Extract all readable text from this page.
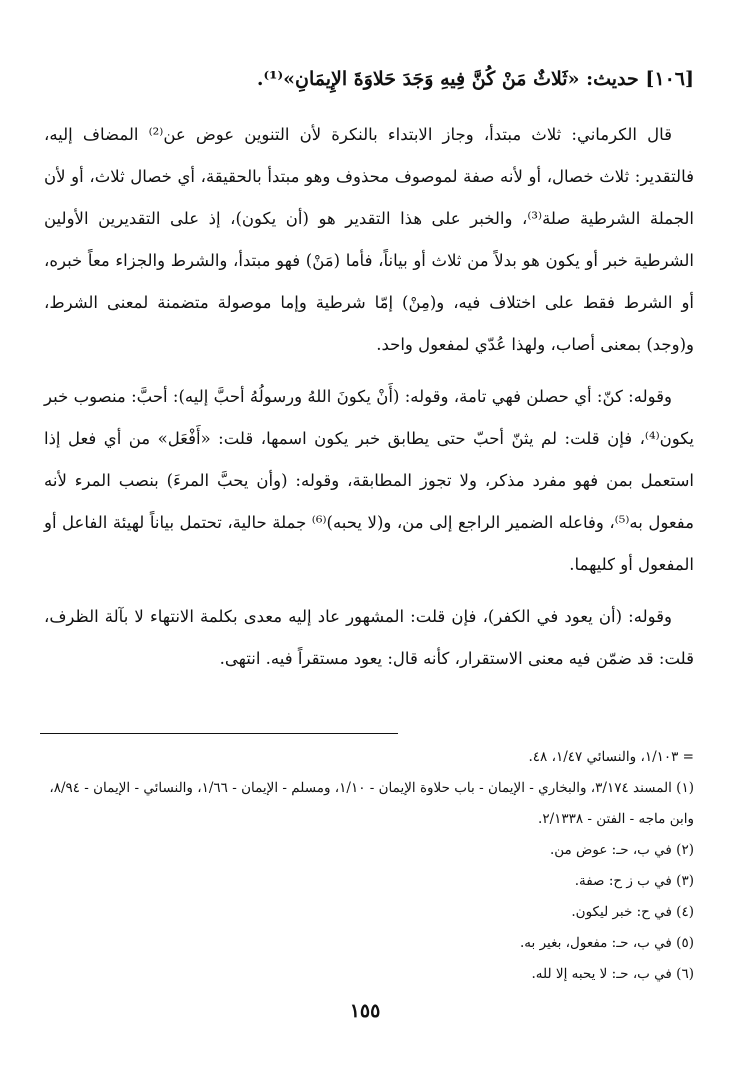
[١٠٦] حديث: «ثَلاثٌ مَنْ كُنَّ فِيهِ وَجَدَ حَلاوَةَ الإِيمَانِ»⁽¹⁾.

قال الكرماني: ثلاث مبتدأ، وجاز الابتداء بالنكرة لأن التنوين عوض عن⁽²⁾ المضاف إليه، فالتقدير: ثلاث خصال، أو لأنه صفة لموصوف محذوف وهو مبتدأ بالحقيقة، أي خصال ثلاث، أو لأن الجملة الشرطية صلة⁽³⁾، والخبر على هذا التقدير هو (أن يكون)، إذ على التقديرين الأولين الشرطية خبر أو يكون هو بدلاً من ثلاث أو بياناً، فأما (مَنْ) فهو مبتدأ، والشرط والجزاء معاً خبره، أو الشرط فقط على اختلاف فيه، و(مِنْ) إمّا شرطية وإما موصولة متضمنة لمعنى الشرط، و(وجد) بمعنى أصاب، ولهذا عُدّي لمفعول واحد.

وقوله: كنّ: أي حصلن فهي تامة، وقوله: (أَنْ يكونَ اللهُ ورسولُهُ أحبَّ إليه): أحبَّ: منصوب خبر يكون⁽⁴⁾، فإن قلت: لم يثنّ أحبّ حتى يطابق خبر يكون اسمها، قلت: «أَفْعَل» من أي فعل إذا استعمل بمن فهو مفرد مذكر، ولا تجوز المطابقة، وقوله: (وأن يحبَّ المرءَ) بنصب المرء لأنه مفعول به⁽⁵⁾، وفاعله الضمير الراجع إلى من، و(لا يحبه)⁽⁶⁾ جملة حالية، تحتمل بياناً لهيئة الفاعل أو المفعول أو كليهما.

وقوله: (أن يعود في الكفر)، فإن قلت: المشهور عاد إليه معدى بكلمة الانتهاء لا بآلة الظرف، قلت: قد ضمّن فيه معنى الاستقرار، كأنه قال: يعود مستقراً فيه. انتهى.

= ١/١٠٣، والنسائي ١/٤٧، ٤٨.

(١) المسند ٣/١٧٤، والبخاري - الإيمان - باب حلاوة الإيمان - ١/١٠، ومسلم - الإيمان - ١/٦٦، والنسائي - الإيمان - ٨/٩٤، وابن ماجه - الفتن - ٢/١٣٣٨.

(٢) في ب، حـ: عوض من.

(٣) في ب ز ح: صفة.

(٤) في ح: خبر ليكون.

(٥) في ب، حـ: مفعول، بغير به.

(٦) في ب، حـ: لا يحبه إلا لله.

١٥٥
